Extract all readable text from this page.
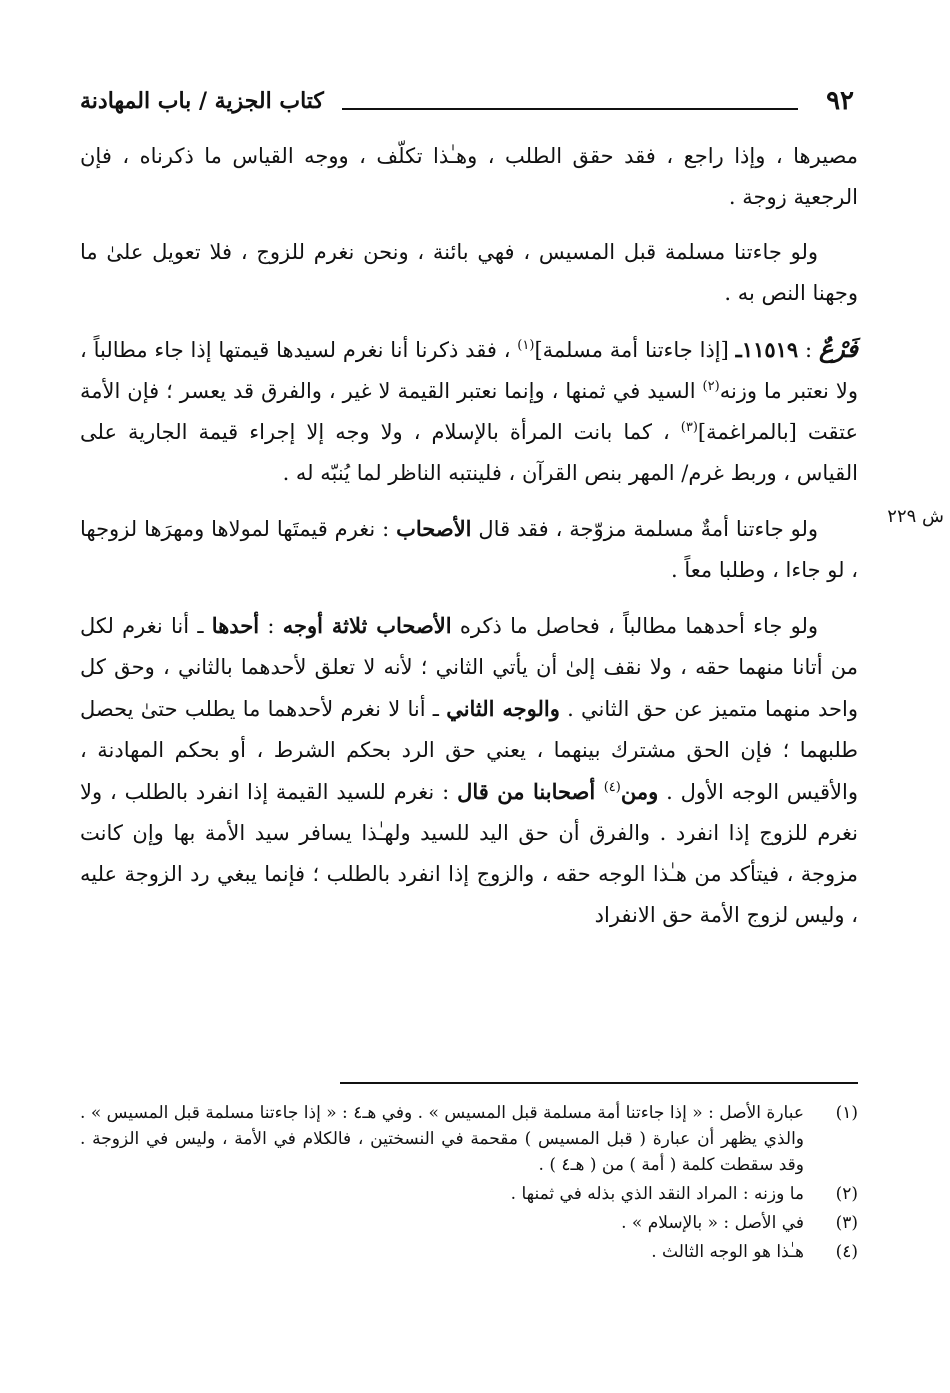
٩٢
كتاب الجزية / باب المهادنة
ش ٢٢٩

مصيرها ، وإذا راجع ، فقد حقق الطلب ، وهـٰذا تكلّف ، ووجه القياس ما ذكرناه ، فإن الرجعية زوجة .

ولو جاءتنا مسلمة قبل المسيس ، فهي بائنة ، ونحن نغرم للزوج ، فلا تعويل علىٰ ما وجهنا النص به .

فَرْعٌ : ١١٥١٩ـ [إذا جاءتنا أمة مسلمة]$^{(١)}$ ، فقد ذكرنا أنا نغرم لسيدها قيمتها إذا جاء مطالباً ، ولا نعتبر ما وزنه$^{(٢)}$ السيد في ثمنها ، وإنما نعتبر القيمة لا غير ، والفرق قد يعسر ؛ فإن الأمة عتقت [بالمراغمة]$^{(٣)}$ ، كما بانت المرأة بالإسلام ، ولا وجه إلا إجراء قيمة الجارية على القياس ، وربط غرم/ المهر بنص القرآن ، فلينتبه الناظر لما يُنبّه له .

ولو جاءتنا أمةٌ مسلمة مزوّجة ، فقد قال الأصحاب : نغرم قيمتَها لمولاها ومهرَها لزوجها ، لو جاءا ، وطلبا معاً .

ولو جاء أحدهما مطالباً ، فحاصل ما ذكره الأصحاب ثلاثة أوجه : أحدها ـ أنا نغرم لكل من أتانا منهما حقه ، ولا نقف إلىٰ أن يأتي الثاني ؛ لأنه لا تعلق لأحدهما بالثاني ، وحق كل واحد منهما متميز عن حق الثاني . والوجه الثاني ـ أنا لا نغرم لأحدهما ما يطلب حتىٰ يحصل طلبهما ؛ فإن الحق مشترك بينهما ، يعني حق الرد بحكم الشرط ، أو بحكم المهادنة ، والأقيس الوجه الأول . ومن$^{(٤)}$ أصحابنا من قال : نغرم للسيد القيمة إذا انفرد بالطلب ، ولا نغرم للزوج إذا انفرد . والفرق أن حق اليد للسيد ولهـٰذا يسافر سيد الأمة بها وإن كانت مزوجة ، فيتأكد من هـٰذا الوجه حقه ، والزوج إذا انفرد بالطلب ؛ فإنما يبغي رد الزوجة عليه ، وليس لزوج الأمة حق الانفراد

(١)
عبارة الأصل : « إذا جاءتنا أمة مسلمة قبل المسيس » . وفي هـ٤ : « إذا جاءتنا مسلمة قبل المسيس » . والذي يظهر أن عبارة ( قبل المسيس ) مقحمة في النسختين ، فالكلام في الأمة ، وليس في الزوجة . وقد سقطت كلمة ( أمة ) من ( هـ٤ ) .
(٢)
ما وزنه : المراد النقد الذي بذله في ثمنها .
(٣)
في الأصل : « بالإسلام » .
(٤)
هـٰذا هو الوجه الثالث .
